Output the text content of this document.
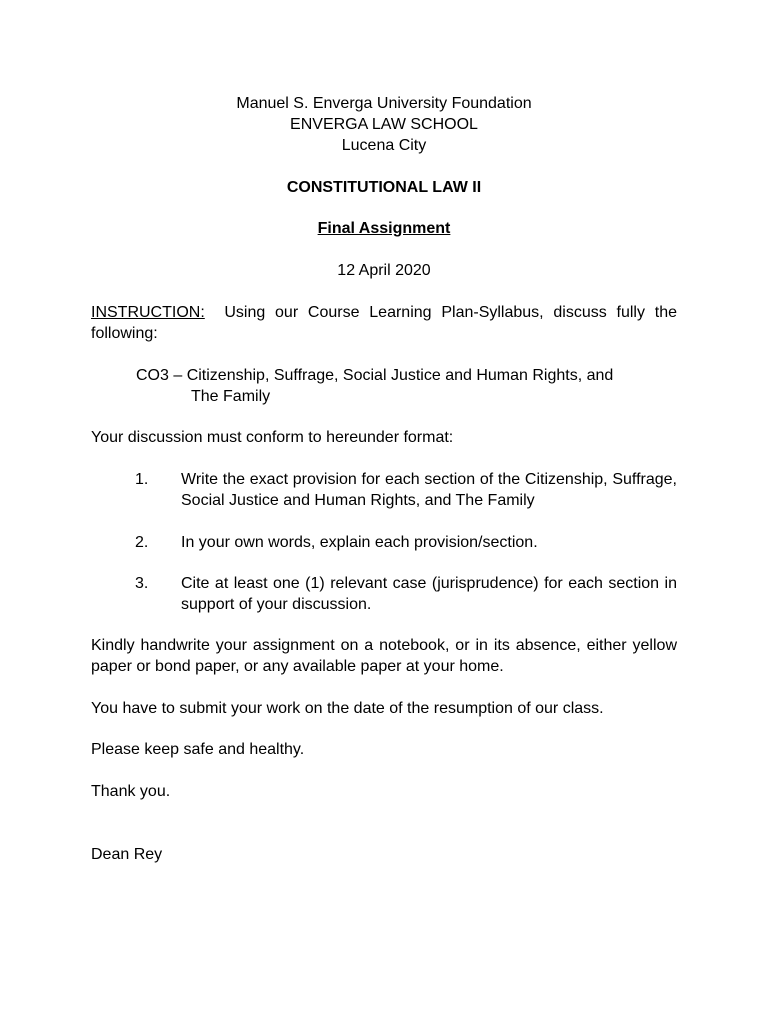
Manuel S. Enverga University Foundation
ENVERGA LAW SCHOOL
Lucena City
CONSTITUTIONAL LAW II
Final Assignment
12 April 2020
INSTRUCTION: Using our Course Learning Plan-Syllabus, discuss fully the following:
CO3 – Citizenship, Suffrage, Social Justice and Human Rights, and
The Family
Your discussion must conform to hereunder format:
1.	Write the exact provision for each section of the Citizenship, Suffrage, Social Justice and Human Rights, and The Family
2.	In your own words, explain each provision/section.
3.	Cite at least one (1) relevant case (jurisprudence) for each section in support of your discussion.
Kindly handwrite your assignment on a notebook, or in its absence, either yellow paper or bond paper, or any available paper at your home.
You have to submit your work on the date of the resumption of our class.
Please keep safe and healthy.
Thank you.
Dean Rey
